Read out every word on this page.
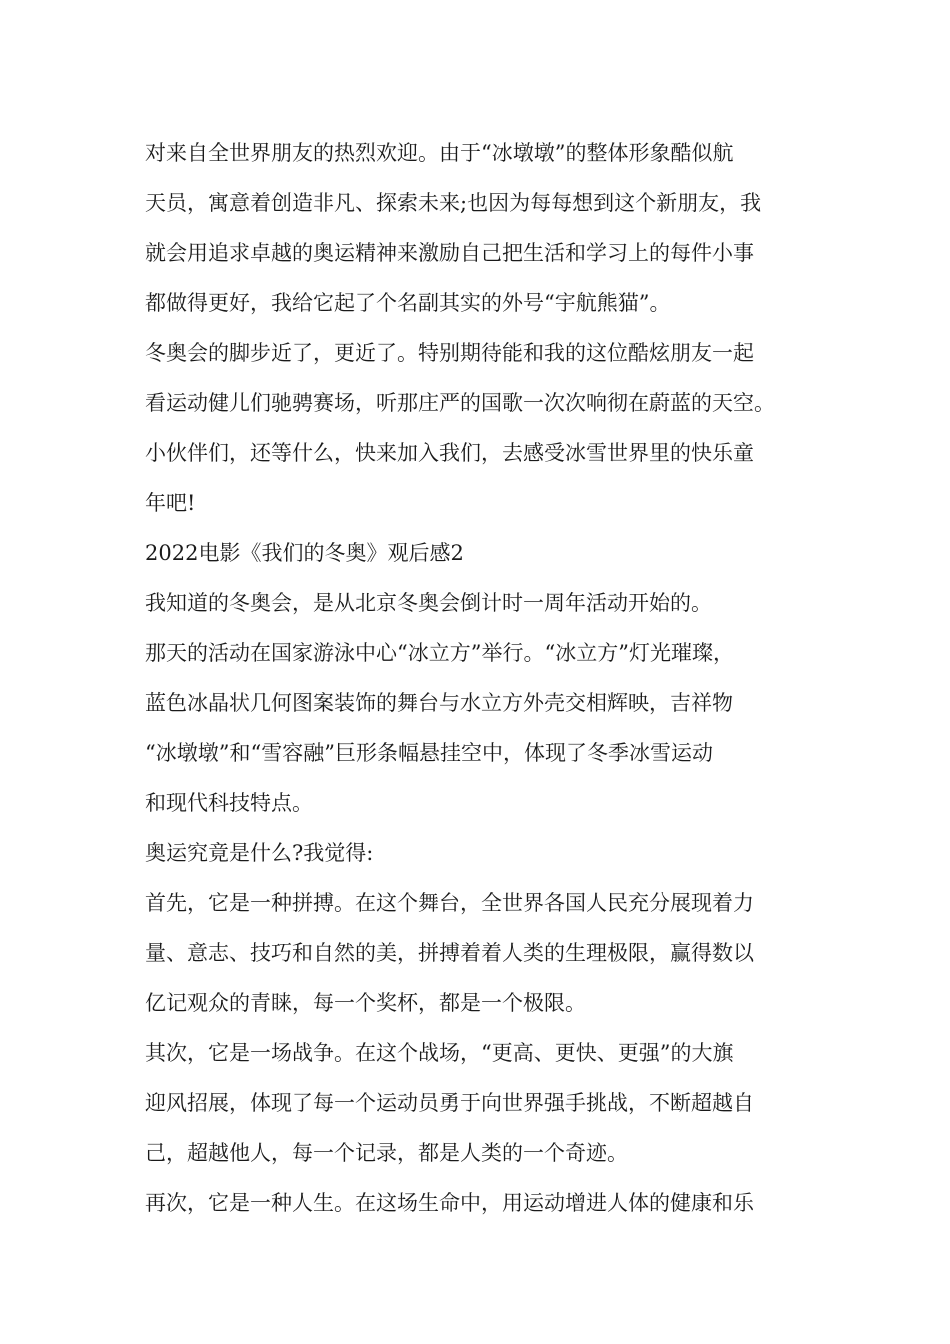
对来自全世界朋友的热烈欢迎。由于“冰墩墩”的整体形象酷似航
天员，寓意着创造非凡、探索未来;也因为每每想到这个新朋友，我
就会用追求卓越的奥运精神来激励自己把生活和学习上的每件小事
都做得更好，我给它起了个名副其实的外号“宇航熊猫”。
冬奥会的脚步近了，更近了。特别期待能和我的这位酷炫朋友一起
看运动健儿们驰骋赛场，听那庄严的国歌一次次响彻在蔚蓝的天空。
小伙伴们，还等什么，快来加入我们，去感受冰雪世界里的快乐童
年吧!
2022电影《我们的冬奥》观后感2
我知道的冬奥会，是从北京冬奥会倒计时一周年活动开始的。
那天的活动在国家游泳中心“冰立方”举行。“冰立方”灯光璀璨，
蓝色冰晶状几何图案装饰的舞台与水立方外壳交相辉映，吉祥物
“冰墩墩”和“雪容融”巨形条幅悬挂空中，体现了冬季冰雪运动
和现代科技特点。
奥运究竟是什么?我觉得:
首先，它是一种拼搏。在这个舞台，全世界各国人民充分展现着力
量、意志、技巧和自然的美，拼搏着着人类的生理极限，赢得数以
亿记观众的青睐，每一个奖杯，都是一个极限。
其次，它是一场战争。在这个战场，“更高、更快、更强”的大旗
迎风招展，体现了每一个运动员勇于向世界强手挑战，不断超越自
己，超越他人，每一个记录，都是人类的一个奇迹。
再次，它是一种人生。在这场生命中，用运动增进人体的健康和乐
